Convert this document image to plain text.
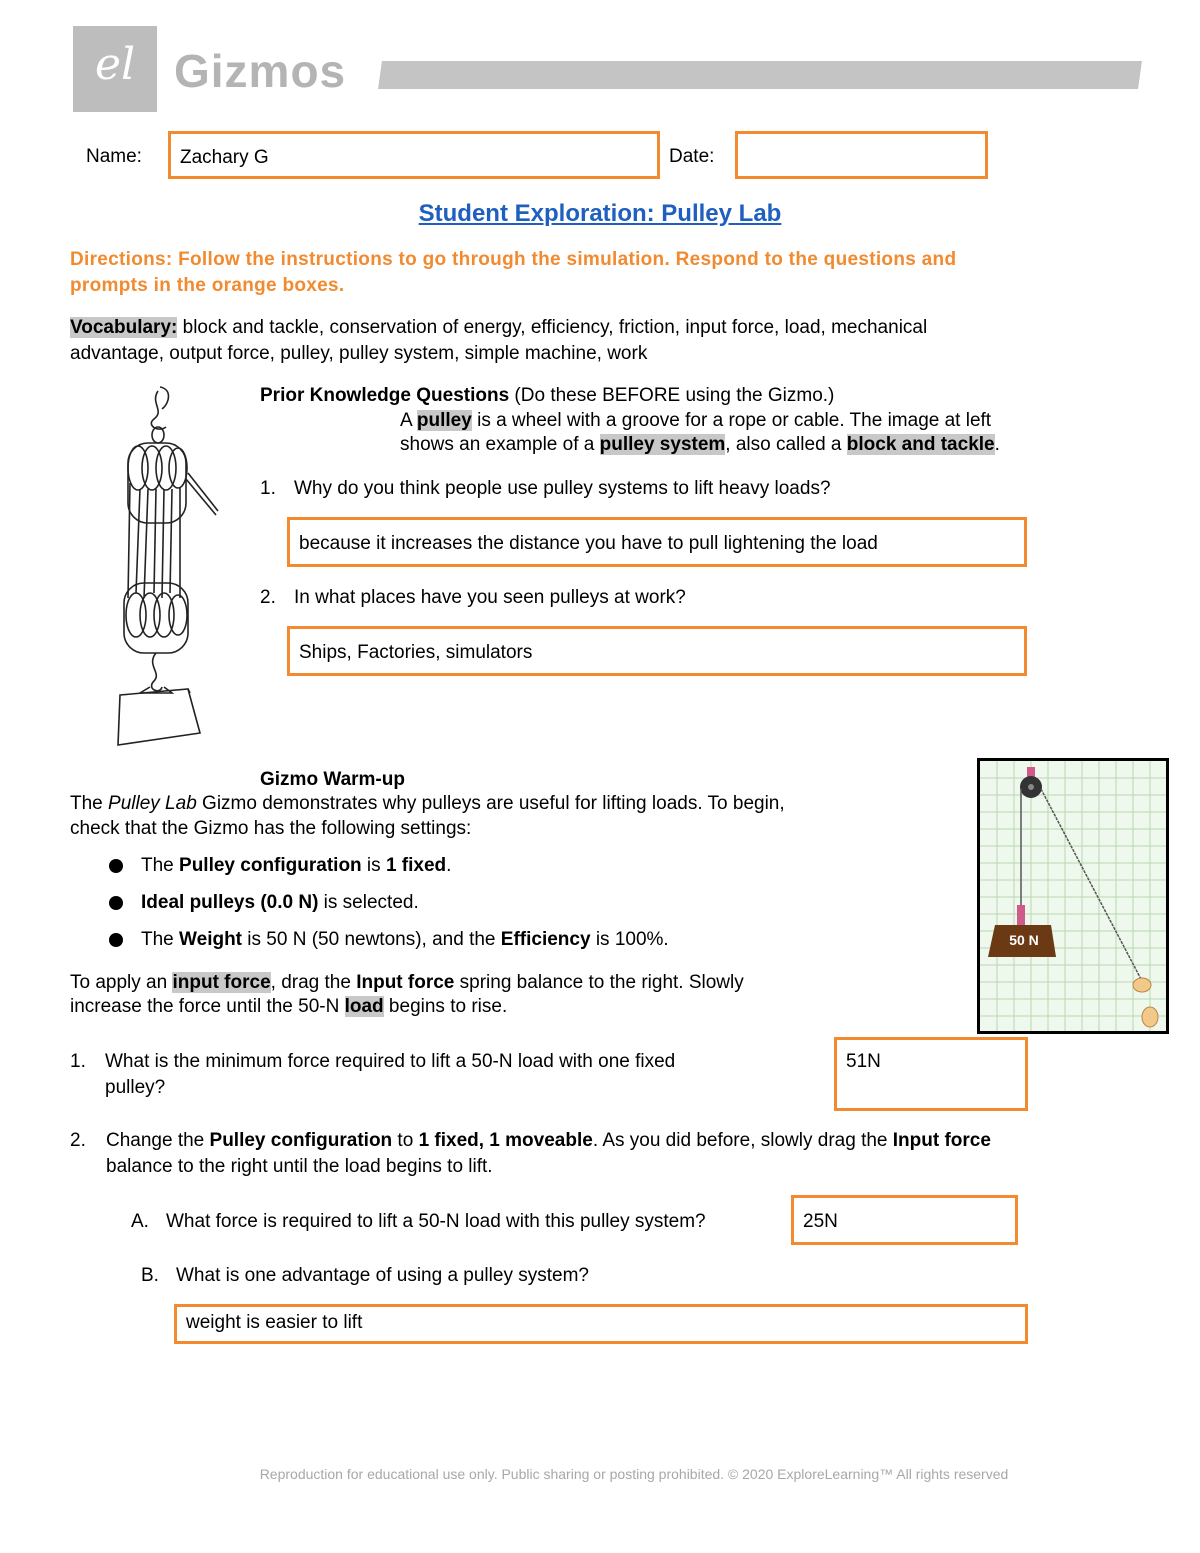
el Gizmos
Name: Zachary G	Date:
Student Exploration: Pulley Lab
Directions: Follow the instructions to go through the simulation. Respond to the questions and
prompts in the orange boxes.
Vocabulary: block and tackle, conservation of energy, efficiency, friction, input force, load, mechanical
advantage, output force, pulley, pulley system, simple machine, work
Prior Knowledge Questions (Do these BEFORE using the Gizmo.)
A pulley is a wheel with a groove for a rope or cable. The image at left
shows an example of a pulley system, also called a block and tackle.
1. Why do you think people use pulley systems to lift heavy loads?
because it increases the distance you have to pull lightening the load
2. In what places have you seen pulleys at work?
Ships, Factories, simulators
Gizmo Warm-up
The Pulley Lab Gizmo demonstrates why pulleys are useful for lifting loads. To begin,
check that the Gizmo has the following settings:
The Pulley configuration is 1 fixed.
Ideal pulleys (0.0 N) is selected.
The Weight is 50 N (50 newtons), and the Efficiency is 100%.
To apply an input force, drag the Input force spring balance to the right. Slowly
increase the force until the 50-N load begins to rise.
50 N
1. What is the minimum force required to lift a 50-N load with one fixed
pulley?
51N
2. Change the Pulley configuration to 1 fixed, 1 moveable. As you did before, slowly drag the Input force
balance to the right until the load begins to lift.
A. What force is required to lift a 50-N load with this pulley system?	25N
B. What is one advantage of using a pulley system?
weight is easier to lift
Reproduction for educational use only. Public sharing or posting prohibited. © 2020 ExploreLearning™ All rights reserved
